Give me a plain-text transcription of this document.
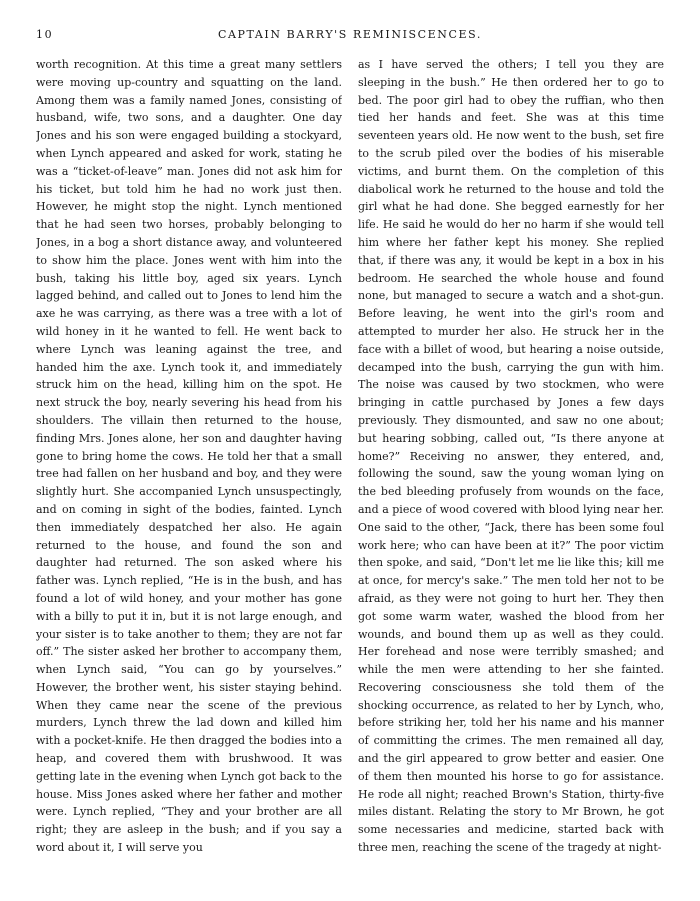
10	CAPTAIN BARRY'S REMINISCENCES.

worth recognition. At this time a great many settlers were moving up-country and squatting on the land. Among them was a family named Jones, consisting of husband, wife, two sons, and a daughter. One day Jones and his son were engaged building a stockyard, when Lynch appeared and asked for work, stating he was a “ticket-of-leave” man. Jones did not ask him for his ticket, but told him he had no work just then. However, he might stop the night. Lynch mentioned that he had seen two horses, probably belonging to Jones, in a bog a short distance away, and volunteered to show him the place. Jones went with him into the bush, taking his little boy, aged six years. Lynch lagged behind, and called out to Jones to lend him the axe he was carrying, as there was a tree with a lot of wild honey in it he wanted to fell. He went back to where Lynch was leaning against the tree, and handed him the axe. Lynch took it, and immediately struck him on the head, killing him on the spot. He next struck the boy, nearly severing his head from his shoulders. The villain then returned to the house, finding Mrs. Jones alone, her son and daughter having gone to bring home the cows. He told her that a small tree had fallen on her husband and boy, and they were slightly hurt. She accompanied Lynch unsuspectingly, and on coming in sight of the bodies, fainted. Lynch then immediately despatched her also. He again returned to the house, and found the son and daughter had returned. The son asked where his father was. Lynch replied, “He is in the bush, and has found a lot of wild honey, and your mother has gone with a billy to put it in, but it is not large enough, and your sister is to take another to them; they are not far off.” The sister asked her brother to accompany them, when Lynch said, “You can go by yourselves.” However, the brother went, his sister staying behind. When they came near the scene of the previous murders, Lynch threw the lad down and killed him with a pocket-knife. He then dragged the bodies into a heap, and covered them with brushwood. It was getting late in the evening when Lynch got back to the house. Miss Jones asked where her father and mother were. Lynch replied, “They and your brother are all right; they are asleep in the bush; and if you say a word about it, I will serve you

as I have served the others; I tell you they are sleeping in the bush.” He then ordered her to go to bed. The poor girl had to obey the ruffian, who then tied her hands and feet. She was at this time seventeen years old. He now went to the bush, set fire to the scrub piled over the bodies of his miserable victims, and burnt them. On the completion of this diabolical work he returned to the house and told the girl what he had done. She begged earnestly for her life. He said he would do her no harm if she would tell him where her father kept his money. She replied that, if there was any, it would be kept in a box in his bedroom. He searched the whole house and found none, but managed to secure a watch and a shot-gun. Before leaving, he went into the girl's room and attempted to murder her also. He struck her in the face with a billet of wood, but hearing a noise outside, decamped into the bush, carrying the gun with him. The noise was caused by two stockmen, who were bringing in cattle purchased by Jones a few days previously. They dismounted, and saw no one about; but hearing sobbing, called out, “Is there anyone at home?” Receiving no answer, they entered, and, following the sound, saw the young woman lying on the bed bleeding profusely from wounds on the face, and a piece of wood covered with blood lying near her. One said to the other, “Jack, there has been some foul work here; who can have been at it?” The poor victim then spoke, and said, “Don't let me lie like this; kill me at once, for mercy's sake.” The men told her not to be afraid, as they were not going to hurt her. They then got some warm water, washed the blood from her wounds, and bound them up as well as they could. Her forehead and nose were terribly smashed; and while the men were attending to her she fainted. Recovering consciousness she told them of the shocking occurrence, as related to her by Lynch, who, before striking her, told her his name and his manner of committing the crimes. The men remained all day, and the girl appeared to grow better and easier. One of them then mounted his horse to go for assistance. He rode all night; reached Brown's Station, thirty-five miles distant. Relating the story to Mr Brown, he got some necessaries and medicine, started back with three men, reaching the scene of the tragedy at night-
